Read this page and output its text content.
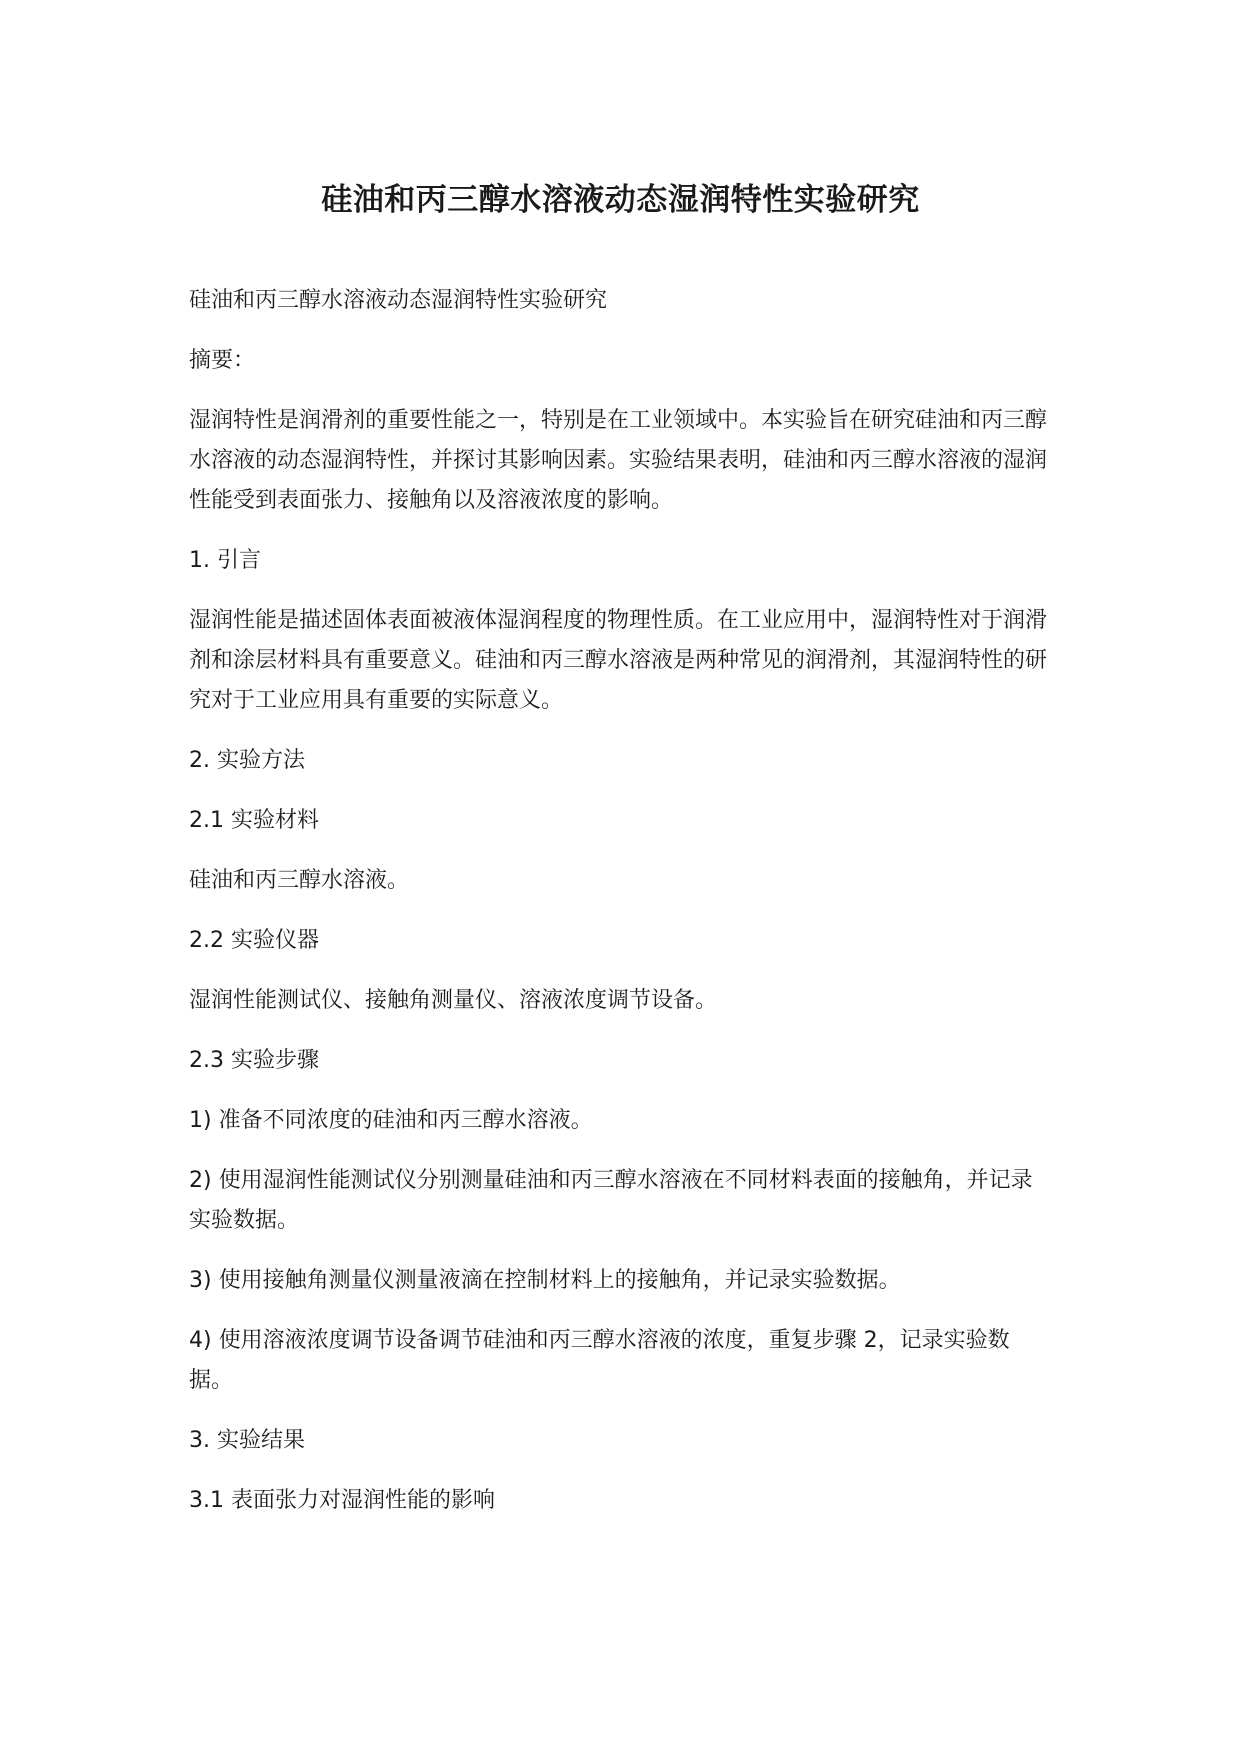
硅油和丙三醇水溶液动态湿润特性实验研究

硅油和丙三醇水溶液动态湿润特性实验研究

摘要：

湿润特性是润滑剂的重要性能之一，特别是在工业领域中。本实验旨在研究硅油和丙三醇水溶液的动态湿润特性，并探讨其影响因素。实验结果表明，硅油和丙三醇水溶液的湿润性能受到表面张力、接触角以及溶液浓度的影响。

1. 引言

湿润性能是描述固体表面被液体湿润程度的物理性质。在工业应用中，湿润特性对于润滑剂和涂层材料具有重要意义。硅油和丙三醇水溶液是两种常见的润滑剂，其湿润特性的研究对于工业应用具有重要的实际意义。

2. 实验方法

2.1 实验材料

硅油和丙三醇水溶液。

2.2 实验仪器

湿润性能测试仪、接触角测量仪、溶液浓度调节设备。

2.3 实验步骤

1) 准备不同浓度的硅油和丙三醇水溶液。

2) 使用湿润性能测试仪分别测量硅油和丙三醇水溶液在不同材料表面的接触角，并记录实验数据。

3) 使用接触角测量仪测量液滴在控制材料上的接触角，并记录实验数据。

4) 使用溶液浓度调节设备调节硅油和丙三醇水溶液的浓度，重复步骤 2，记录实验数据。

3. 实验结果

3.1 表面张力对湿润性能的影响
